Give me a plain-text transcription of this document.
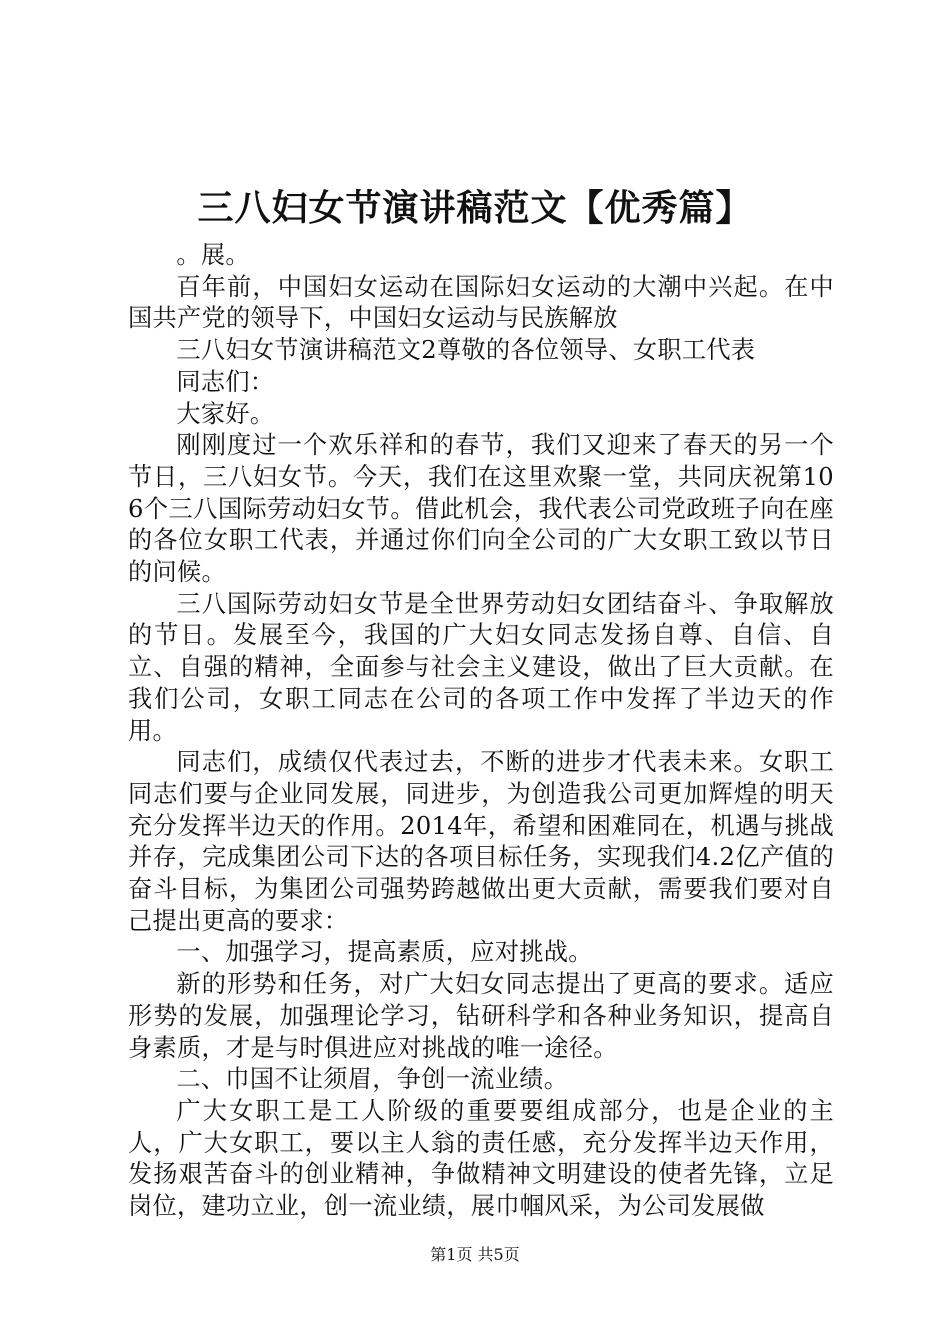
三八妇女节演讲稿范文【优秀篇】

。展。

百年前，中国妇女运动在国际妇女运动的大潮中兴起。在中国共产党的领导下，中国妇女运动与民族解放

三八妇女节演讲稿范文2尊敬的各位领导、女职工代表

同志们：

大家好。

刚刚度过一个欢乐祥和的春节，我们又迎来了春天的另一个节日，三八妇女节。今天，我们在这里欢聚一堂，共同庆祝第106个三八国际劳动妇女节。借此机会，我代表公司党政班子向在座的各位女职工代表，并通过你们向全公司的广大女职工致以节日的问候。

三八国际劳动妇女节是全世界劳动妇女团结奋斗、争取解放的节日。发展至今，我国的广大妇女同志发扬自尊、自信、自立、自强的精神，全面参与社会主义建设，做出了巨大贡献。在我们公司，女职工同志在公司的各项工作中发挥了半边天的作用。

同志们，成绩仅代表过去，不断的进步才代表未来。女职工同志们要与企业同发展，同进步，为创造我公司更加辉煌的明天充分发挥半边天的作用。2014年，希望和困难同在，机遇与挑战并存，完成集团公司下达的各项目标任务，实现我们4.2亿产值的奋斗目标，为集团公司强势跨越做出更大贡献，需要我们要对自己提出更高的要求：

一、加强学习，提高素质，应对挑战。

新的形势和任务，对广大妇女同志提出了更高的要求。适应形势的发展，加强理论学习，钻研科学和各种业务知识，提高自身素质，才是与时俱进应对挑战的唯一途径。

二、巾国不让须眉，争创一流业绩。

广大女职工是工人阶级的重要要组成部分，也是企业的主人，广大女职工，要以主人翁的责任感，充分发挥半边天作用，发扬艰苦奋斗的创业精神，争做精神文明建设的使者先锋，立足岗位，建功立业，创一流业绩，展巾帼风采，为公司发展做

第1页 共5页
